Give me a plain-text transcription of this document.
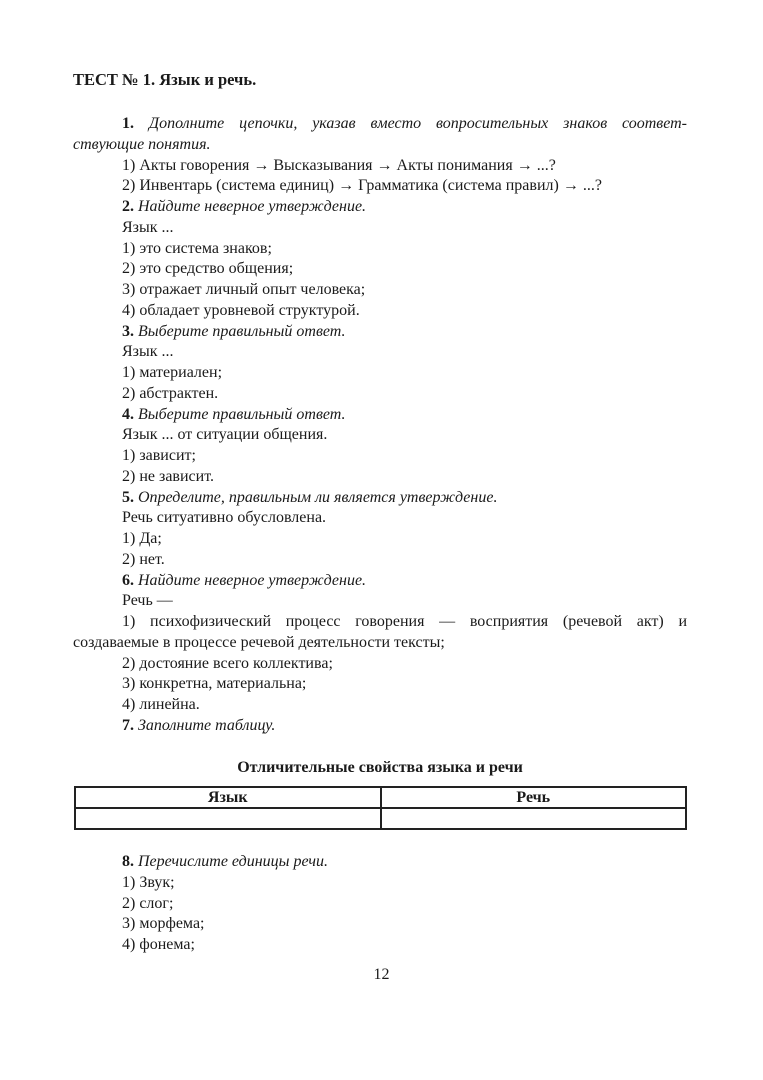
ТЕСТ № 1. Язык и речь.
1. Дополните цепочки, указав вместо вопросительных знаков соответ-
ствующие понятия.
1) Акты говорения → Высказывания → Акты понимания → ...?
2) Инвентарь (система единиц) → Грамматика (система правил) → ...?
2. Найдите неверное утверждение.
Язык ...
1) это система знаков;
2) это средство общения;
3) отражает личный опыт человека;
4) обладает уровневой структурой.
3. Выберите правильный ответ.
Язык ...
1) материален;
2) абстрактен.
4. Выберите правильный ответ.
Язык ... от ситуации общения.
1) зависит;
2) не зависит.
5. Определите, правильным ли является утверждение.
Речь ситуативно обусловлена.
1) Да;
2) нет.
6. Найдите неверное утверждение.
Речь —
1) психофизический процесс говорения — восприятия (речевой акт) и
создаваемые в процессе речевой деятельности тексты;
2) достояние всего коллектива;
3) конкретна, материальна;
4) линейна.
7. Заполните таблицу.
Отличительные свойства языка и речи
Язык	Речь

8. Перечислите единицы речи.
1) Звук;
2) слог;
3) морфема;
4) фонема;
12
